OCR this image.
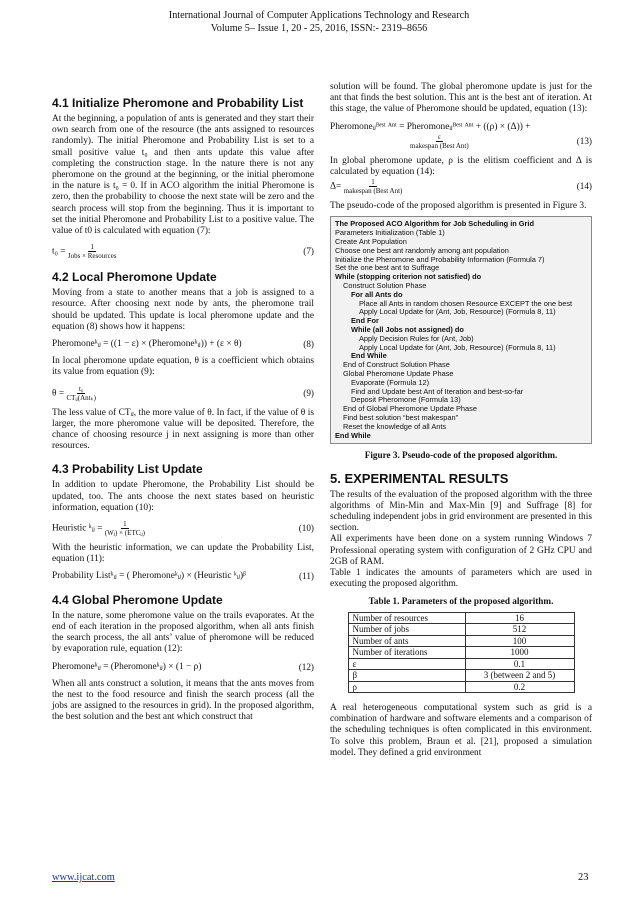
International Journal of Computer Applications Technology and Research
Volume 5– Issue 1, 20 - 25, 2016, ISSN:- 2319–8656
4.1 Initialize Pheromone and Probability List

At the beginning, a population of ants is generated and they start their own search from one of the resource (the ants assigned to resources randomly). The initial Pheromone and Probability List is set to a small positive value t₀ and then ants update this value after completing the construction stage. In the nature there is not any pheromone on the ground at the beginning, or the initial pheromone in the nature is t₀ = 0. If in ACO algorithm the initial Pheromone is zero, then the probability to choose the next state will be zero and the search process will stop from the beginning. Thus it is important to set the initial Pheromone and Probability List to a positive value. The value of t0 is calculated with equation (7):

$t_0 = \frac{1}{\text{Jobs × Resources}}$	(7)
4.2 Local Pheromone Update

Moving from a state to another means that a job is assigned to a resource. After choosing next node by ants, the pheromone trail should be updated. This update is local pheromone update and the equation (8) shows how it happens:

Pheromoneᵏᵢⱼ = ((1 − ε) × (Pheromoneᵏᵢⱼ)) + (ε × θ)	(8)

In local pheromone update equation, θ is a coefficient which obtains its value from equation (9):

$\theta = \frac{\text{t₀}}{\text{CTᵢⱼ(Antₖ)}}$	(9)

The less value of CTᵢⱼ, the more value of θ. In fact, if the value of θ is larger, the more pheromone value will be deposited. Therefore, the chance of choosing resource j in next assigning is more than other resources.

4.3 Probability List Update

In addition to update Pheromone, the Probability List should be updated, too. The ants choose the next states based on heuristic information, equation (10):

Heuristic ᵏᵢⱼ = $\frac{1}{\text{(Wⱼ) × (ETCᵢⱼ)}}$	(10)

With the heuristic information, we can update the Probability List, equation (11):

Probability Listᵏᵢⱼ = ( Pheromoneᵏᵢⱼ) × (Heuristic ᵏᵢⱼ)ᵝ	(11)
4.4 Global Pheromone Update

In the nature, some pheromone value on the trails evaporates. At the end of each iteration in the proposed algorithm, when all ants finish the search process, the all ants’ value of pheromone will be reduced by evaporation rule, equation (12):

Pheromoneᵏᵢⱼ = (Pheromoneᵏᵢⱼ) × (1 − ρ)	(12)

When all ants construct a solution, it means that the ants moves from the nest to the food resource and finish the search process (all the jobs are assigned to the resources in grid). In the proposed algorithm, the best solution and the best ant which construct that

solution will be found. The global pheromone update is just for the ant that finds the best solution. This ant is the best ant of iteration. At this stage, the value of Pheromone should be updated, equation (13):

Pheromoneᵢⱼᴮᵉˢᵗ ᴬⁿᵗ = Pheromoneᵢⱼᴮᵉˢᵗ ᴬⁿᵗ + ((ρ) × (Δ)) +
$\frac{\varepsilon}{\text{makespan (Best Ant)}}$	(13)

In global pheromone update, ρ is the elitism coefficient and Δ is calculated by equation (14):

$\Delta= \frac{1}{\text{makespan (Best Ant)}}$	(14)

The pseudo-code of the proposed algorithm is presented in Figure 3.

The Proposed ACO Algorithm for Job Scheduling in Grid
Parameters Initialization (Table 1)
Create Ant Population
Choose one best ant randomly among ant population
Initialize the Pheromone and Probability Information (Formula 7)
Set the one best ant to Suffrage
While (stopping criterion not satisfied) do
Construct Solution Phase
For all Ants do
Place all Ants in random chosen Resource EXCEPT the one best
Apply Local Update for (Ant, Job, Resource) (Formula 8, 11)
End For
While (all Jobs not assigned) do
Apply Decision Rules for (Ant, Job)
Apply Local Update for (Ant, Job, Resource) (Formula 8, 11)
End While
End of Construct Solution Phase
Global Pheromone Update Phase
Evaporate (Formula 12)
Find and Update best Ant of Iteration and best-so-far
Deposit Pheromone (Formula 13)
End of Global Pheromone Update Phase
Find best solution “best makespan”
Reset the knowledge of all Ants
End While
Figure 3. Pseudo-code of the proposed algorithm.
5. EXPERIMENTAL RESULTS

The results of the evaluation of the proposed algorithm with the three algorithms of Min-Min and Max-Min [9] and Suffrage [8] for scheduling independent jobs in grid environment are presented in this section.

All experiments have been done on a system running Windows 7 Professional operating system with configuration of 2 GHz CPU and 2GB of RAM.

Table 1 indicates the amounts of parameters which are used in executing the proposed algorithm.

Table 1. Parameters of the proposed algorithm.
Number of resources	16
Number of jobs	512
Number of ants	100
Number of iterations	1000
ε	0.1
β	3 (between 2 and 5)
ρ	0.2

A real heterogeneous computational system such as grid is a combination of hardware and software elements and a comparison of the scheduling techniques is often complicated in this environment. To solve this problem, Braun et al. [21], proposed a simulation model. They defined a grid environment

www.ijcat.com	23
